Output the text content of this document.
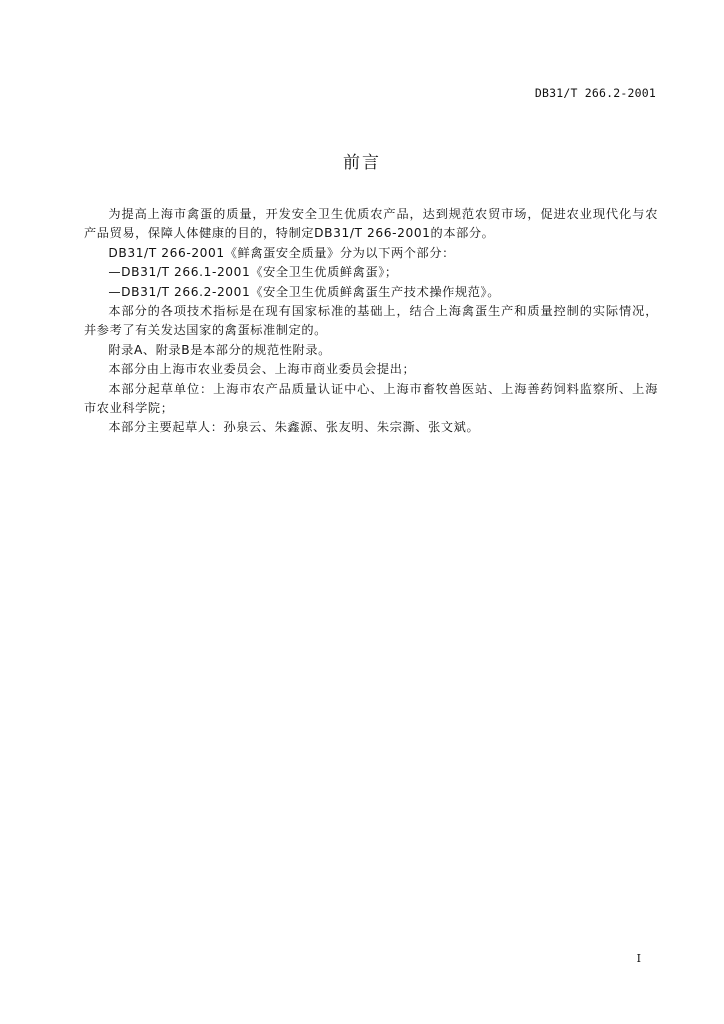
DB31/T 266.2-2001
前言

为提高上海市禽蛋的质量，开发安全卫生优质农产品，达到规范农贸市场，促进农业现代化与农产品贸易，保障人体健康的目的，特制定DB31/T 266-2001的本部分。

DB31/T 266-2001《鲜禽蛋安全质量》分为以下两个部分：

—DB31/T 266.1-2001《安全卫生优质鲜禽蛋》；

—DB31/T 266.2-2001《安全卫生优质鲜禽蛋生产技术操作规范》。

本部分的各项技术指标是在现有国家标准的基础上，结合上海禽蛋生产和质量控制的实际情况，并参考了有关发达国家的禽蛋标准制定的。

附录A、附录B是本部分的规范性附录。

本部分由上海市农业委员会、上海市商业委员会提出；

本部分起草单位：上海市农产品质量认证中心、上海市畜牧兽医站、上海善药饲料监察所、上海市农业科学院；

本部分主要起草人：孙泉云、朱鑫源、张友明、朱宗澌、张文斌。

I
